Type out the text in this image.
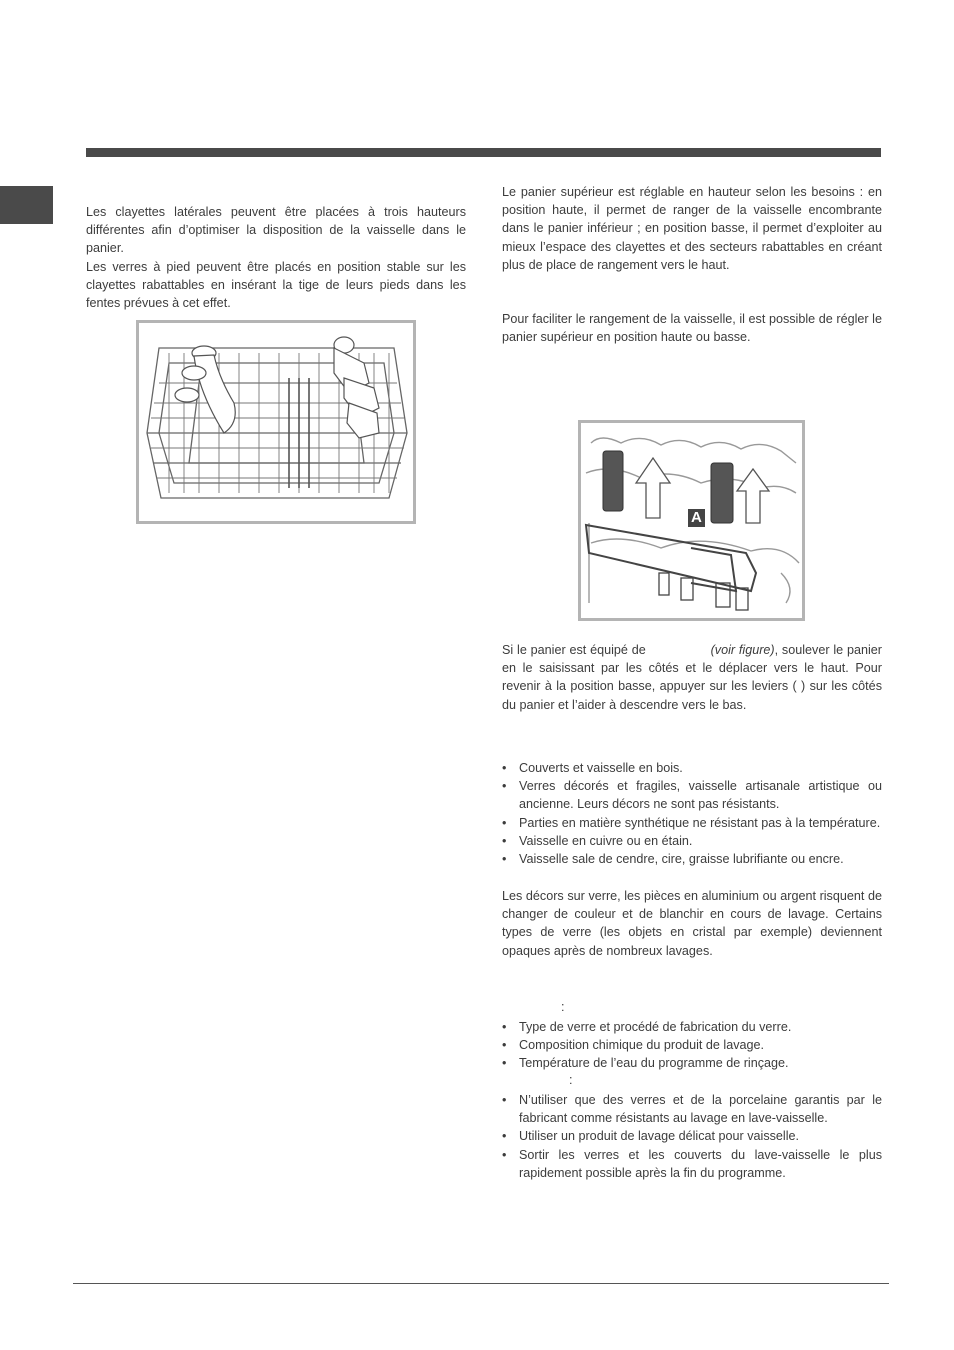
Les clayettes latérales peuvent être placées à trois hauteurs différentes afin d’optimiser la disposition de la vaisselle dans le panier.
Les verres à pied peuvent être placés en position stable sur les clayettes rabattables en insérant la tige de leurs pieds dans les fentes prévues à cet effet.

Le panier supérieur est réglable en hauteur selon les besoins : en position haute, il permet de ranger de la vaisselle encombrante dans le panier inférieur ; en position basse, il permet d’exploiter au mieux l’espace des clayettes et des secteurs rabattables en créant plus de place de rangement vers le haut.

Pour faciliter le rangement de la vaisselle, il est possible de régler le panier supérieur en position haute ou basse.

A

Si le panier est équipé de	(voir figure), soulever le panier en le saisissant par les côtés et le déplacer vers le haut. Pour revenir à la position basse, appuyer sur les leviers ( ) sur les côtés du panier et l’aider à descendre vers le bas.

• Couverts et vaisselle en bois.
• Verres décorés et fragiles, vaisselle artisanale artistique ou ancienne. Leurs décors ne sont pas résistants.
• Parties en matière synthétique ne résistant pas à la température.
• Vaisselle en cuivre ou en étain.
• Vaisselle sale de cendre, cire, graisse lubrifiante ou encre.

Les décors sur verre, les pièces en aluminium ou argent risquent de changer de couleur et de blanchir en cours de lavage. Certains types de verre (les objets en cristal par exemple) deviennent opaques après de nombreux lavages.

:
• Type de verre et procédé de fabrication du verre.
• Composition chimique du produit de lavage.
• Température de l’eau du programme de rinçage.
:
• N’utiliser que des verres et de la porcelaine garantis par le fabricant comme résistants au lavage en lave-vaisselle.
• Utiliser un produit de lavage délicat pour vaisselle.
• Sortir les verres et les couverts du lave-vaisselle le plus rapidement possible après la fin du programme.
